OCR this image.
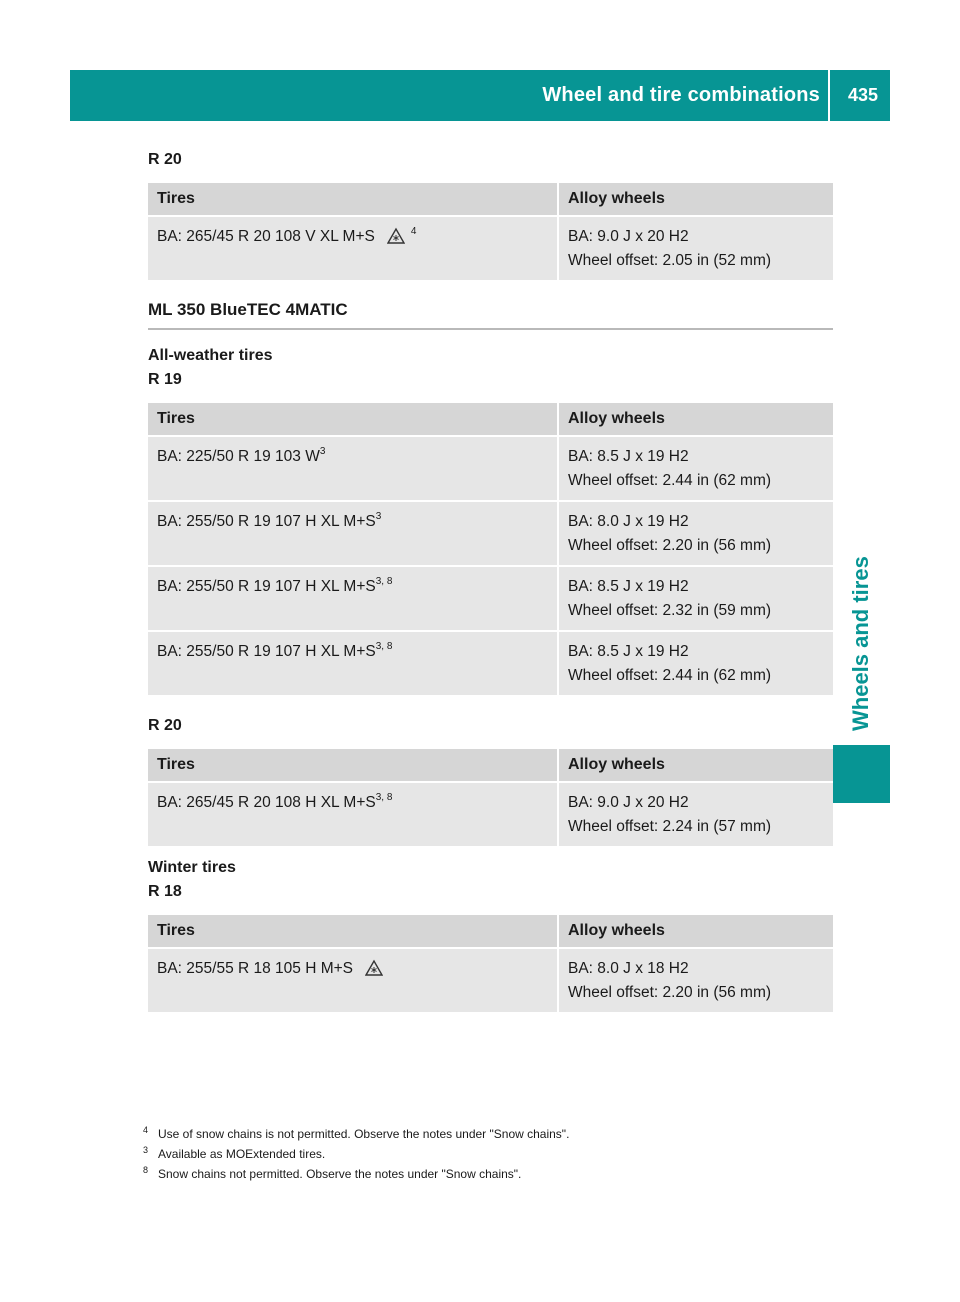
Wheel and tire combinations 435
Wheels and tires

R 20

Tires	Alloy wheels
BA: 265/45 R 20 108 V XL M+S $^4$	BA: 9.0 J x 20 H2
Wheel offset: 2.05 in (52 mm)

ML 350 BlueTEC 4MATIC

All-weather tires

R 19

Tires	Alloy wheels
BA: 225/50 R 19 103 $W^3$	BA: 8.5 J x 19 H2
Wheel offset: 2.44 in (62 mm)

BA: 255/50 R 19 107 H XL $M+S^3$	BA: 8.0 J x 19 H2
Wheel offset: 2.20 in (56 mm)

BA: 255/50 R 19 107 H XL $M+S^{3, 8}$	BA: 8.5 J x 19 H2
Wheel offset: 2.32 in (59 mm)

BA: 255/50 R 19 107 H XL $M+S^{3, 8}$	BA: 8.5 J x 19 H2
Wheel offset: 2.44 in (62 mm)

R 20

Tires	Alloy wheels
BA: 265/45 R 20 108 H XL $M+S^{3, 8}$	BA: 9.0 J x 20 H2
Wheel offset: 2.24 in (57 mm)

Winter tires

R 18

Tires	Alloy wheels
BA: 255/55 R 18 105 H M+S	BA: 8.0 J x 18 H2
Wheel offset: 2.20 in (56 mm)
4 Use of snow chains is not permitted. Observe the notes under "Snow chains".
3 Available as MOExtended tires.
8 Snow chains not permitted. Observe the notes under "Snow chains".
